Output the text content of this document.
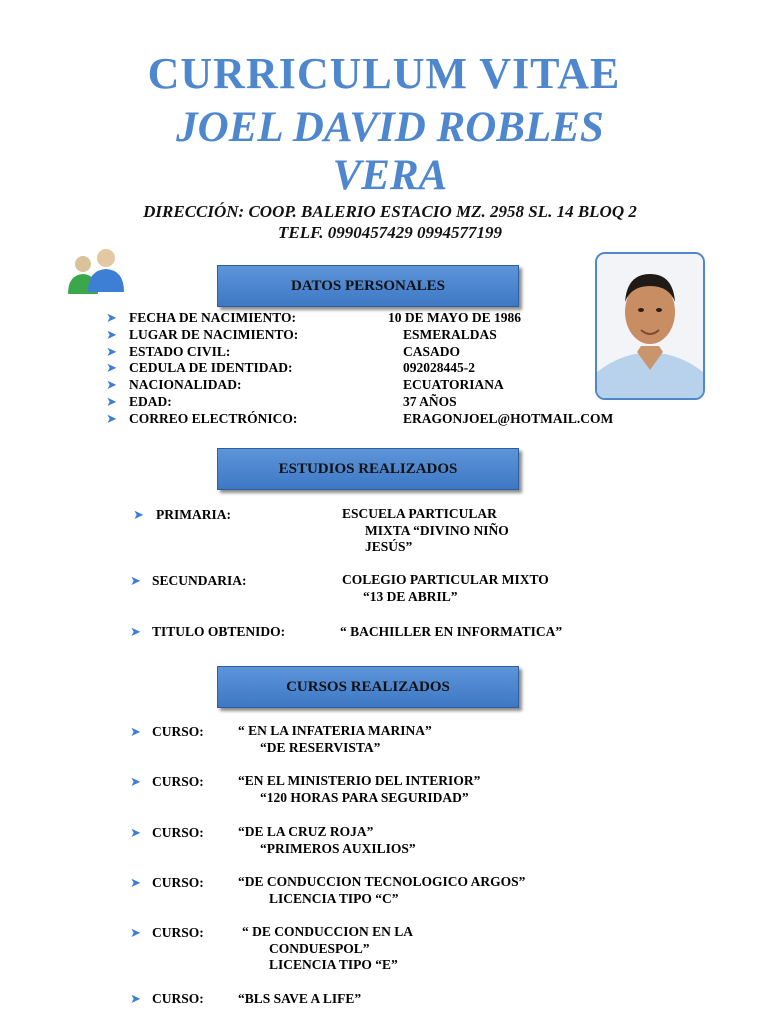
CURRICULUM VITAE
JOEL DAVID ROBLES
VERA
DIRECCIÓN: COOP. BALERIO ESTACIO MZ. 2958 SL. 14 BLOQ 2
TELF. 0990457429 0994577199
DATOS PERSONALES
➤ FECHA DE NACIMIENTO:	10 DE MAYO DE 1986
➤ LUGAR DE NACIMIENTO:	ESMERALDAS
➤ ESTADO CIVIL:	CASADO
➤ CEDULA DE IDENTIDAD:	092028445-2
➤ NACIONALIDAD:	ECUATORIANA
➤ EDAD:	37 AÑOS
➤ CORREO ELECTRÓNICO:	ERAGONJOEL@HOTMAIL.COM
ESTUDIOS REALIZADOS
➤ PRIMARIA:	ESCUELA PARTICULAR
MIXTA “DIVINO NIÑO
JESÚS”
➤ SECUNDARIA:	COLEGIO PARTICULAR MIXTO
“13 DE ABRIL”
➤ TITULO OBTENIDO:	“ BACHILLER EN INFORMATICA”
CURSOS REALIZADOS
➤ CURSO:	“ EN LA INFATERIA MARINA”
“DE RESERVISTA”
➤ CURSO:	“EN EL MINISTERIO DEL INTERIOR”
“120 HORAS PARA SEGURIDAD”
➤ CURSO:	“DE LA CRUZ ROJA”
“PRIMEROS AUXILIOS”
➤ CURSO:	“DE CONDUCCION TECNOLOGICO ARGOS”
LICENCIA TIPO “C”
➤ CURSO:	“ DE CONDUCCION EN LA
CONDUESPOL”
LICENCIA TIPO “E”
➤ CURSO:	“BLS SAVE A LIFE”
